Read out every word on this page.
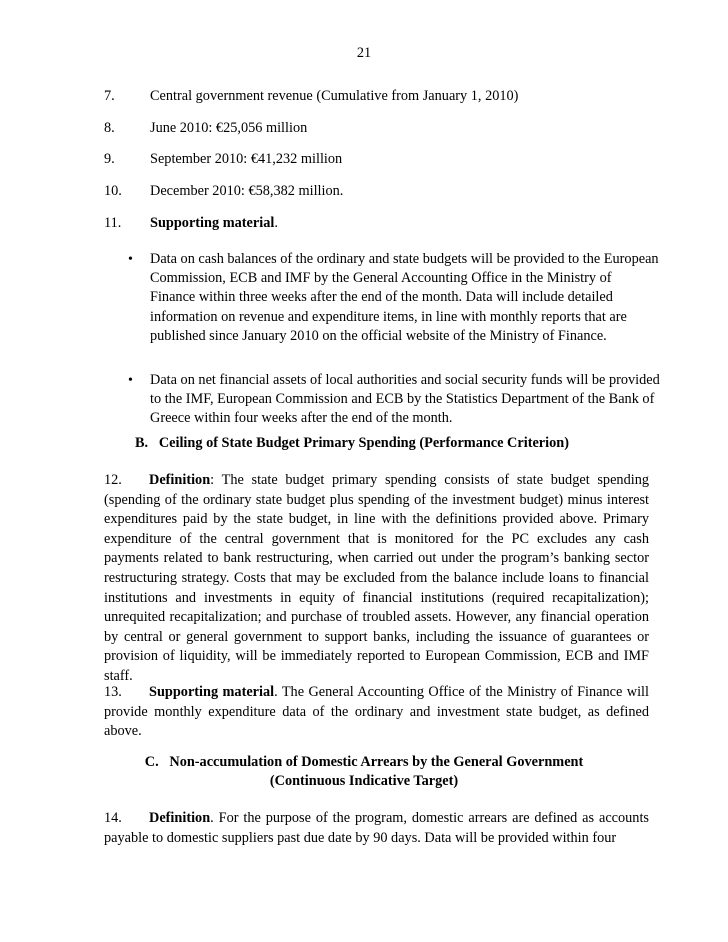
21
7. Central government revenue (Cumulative from January 1, 2010)
8. June 2010: €25,056 million
9. September 2010: €41,232 million
10. December 2010: €58,382 million.
11. Supporting material.
• Data on cash balances of the ordinary and state budgets will be provided to the European Commission, ECB and IMF by the General Accounting Office in the Ministry of Finance within three weeks after the end of the month. Data will include detailed information on revenue and expenditure items, in line with monthly reports that are published since January 2010 on the official website of the Ministry of Finance.
• Data on net financial assets of local authorities and social security funds will be provided to the IMF, European Commission and ECB by the Statistics Department of the Bank of Greece within four weeks after the end of the month.
B.   Ceiling of State Budget Primary Spending (Performance Criterion)
12. Definition: The state budget primary spending consists of state budget spending (spending of the ordinary state budget plus spending of the investment budget) minus interest expenditures paid by the state budget, in line with the definitions provided above. Primary expenditure of the central government that is monitored for the PC excludes any cash payments related to bank restructuring, when carried out under the program’s banking sector restructuring strategy. Costs that may be excluded from the balance include loans to financial institutions and investments in equity of financial institutions (required recapitalization); unrequited recapitalization; and purchase of troubled assets. However, any financial operation by central or general government to support banks, including the issuance of guarantees or provision of liquidity, will be immediately reported to European Commission, ECB and IMF staff.
13. Supporting material. The General Accounting Office of the Ministry of Finance will provide monthly expenditure data of the ordinary and investment state budget, as defined above.
C.   Non-accumulation of Domestic Arrears by the General Government
(Continuous Indicative Target)
14. Definition. For the purpose of the program, domestic arrears are defined as accounts payable to domestic suppliers past due date by 90 days. Data will be provided within four
